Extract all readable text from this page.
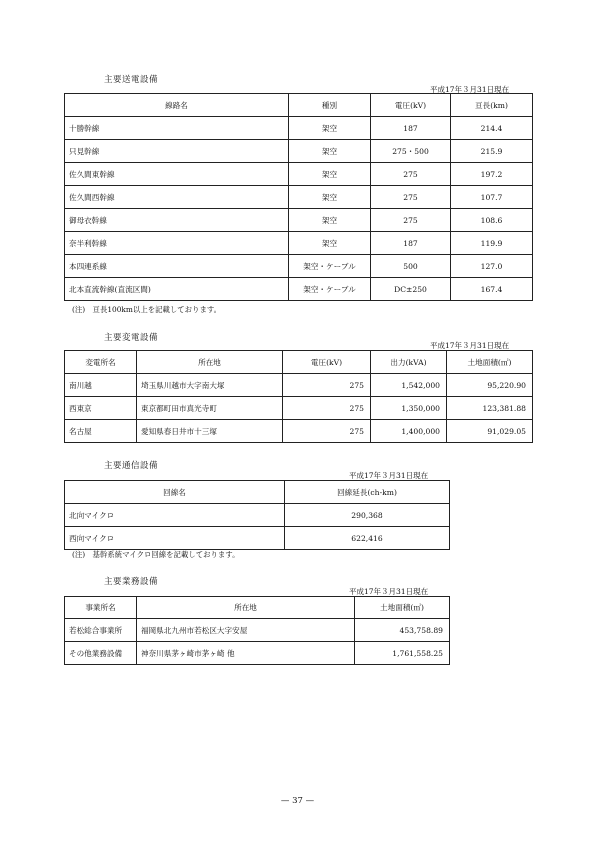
主要送電設備
平成17年３月31日現在
線路名	種別	電圧(kV)	亘長(km)
十勝幹線	架空	187	214.4
只見幹線	架空	275・500	215.9
佐久間東幹線	架空	275	197.2
佐久間西幹線	架空	275	107.7
御母衣幹線	架空	275	108.6
奈半利幹線	架空	187	119.9
本四連系線	架空・ケーブル	500	127.0
北本直流幹線(直流区間)	架空・ケーブル	DC±250	167.4
(注)　亘長100km以上を記載しております。
主要変電設備
平成17年３月31日現在
変電所名	所在地	電圧(kV)	出力(kVA)	土地面積(㎡)
南川越	埼玉県川越市大字南大塚	275	1,542,000	95,220.90
西東京	東京都町田市真光寺町	275	1,350,000	123,381.88
名古屋	愛知県春日井市十三塚	275	1,400,000	91,029.05
主要通信設備
平成17年３月31日現在
回線名	回線延長(ch-km)
北向マイクロ	290,368
西向マイクロ	622,416
(注)　基幹系統マイクロ回線を記載しております。
主要業務設備
平成17年３月31日現在
事業所名	所在地	土地面積(㎡)
若松総合事業所	福岡県北九州市若松区大字安屋	453,758.89
その他業務設備	神奈川県茅ヶ崎市茅ヶ崎 他	1,761,558.25
— 37 —
